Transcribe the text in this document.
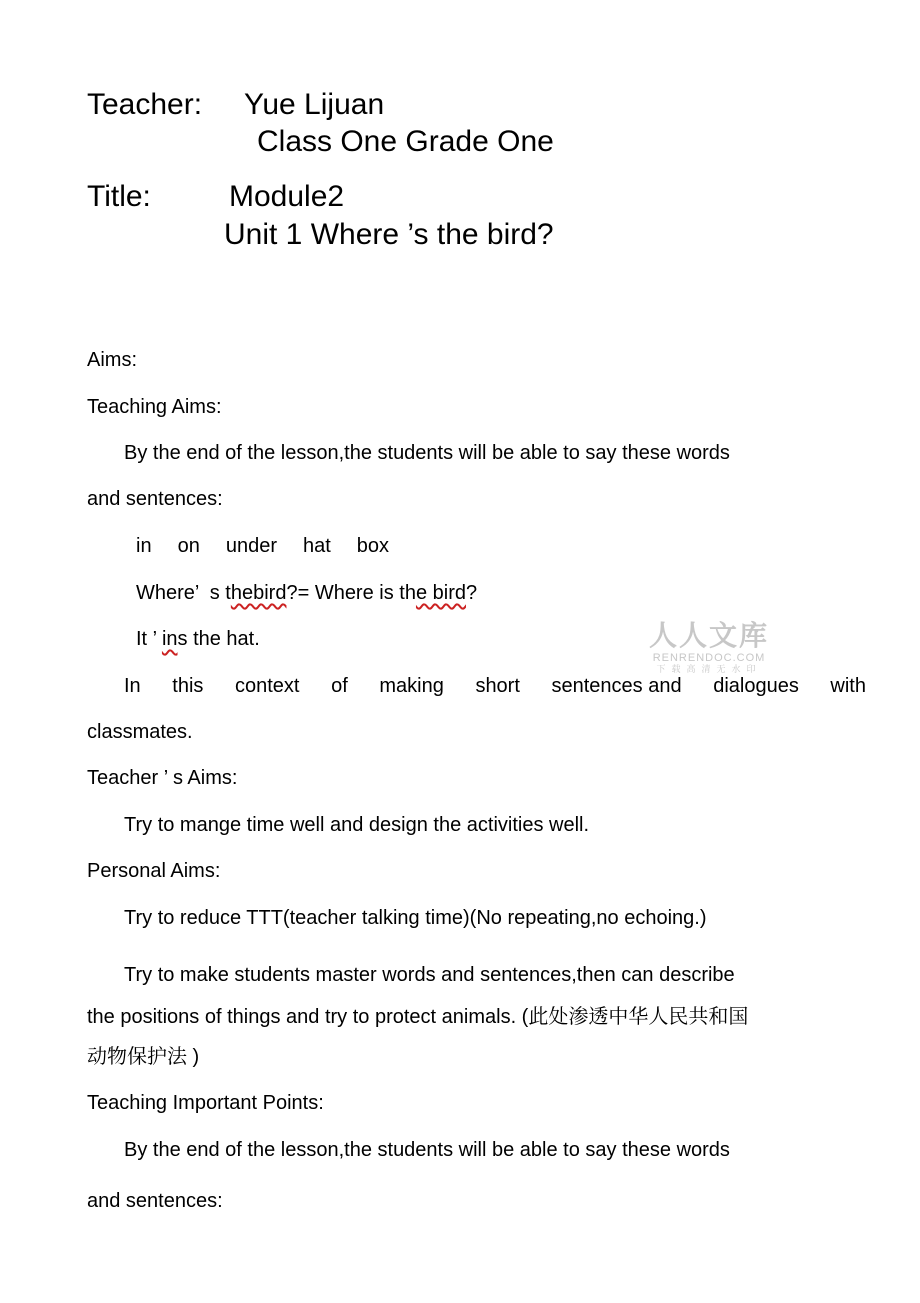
Teacher: Yue Lijuan
Class One Grade One
Title:	Module2
Unit 1 Where ’s the bird?
Aims:
Teaching Aims:
By the end of the lesson,the students will be able to say these words
and sentences:
in on under hat box
Where’  s thebird?= Where is the bird?
It ’ ins the hat.
In this context of making short sentences and dialogues with
classmates.
Teacher ’ s Aims:
Try to mange time well and design the activities well.
Personal Aims:
Try to reduce TTT(teacher talking time)(No repeating,no echoing.)
Try to make students master words and sentences,then can describe
the positions of things and try to protect animals. (此处渗透中华人民共和国
动物保护法 )
Teaching Important Points:
By the end of the lesson,the students will be able to say these words
and sentences:
人人文库
RENRENDOC.COM
下载高清无水印
